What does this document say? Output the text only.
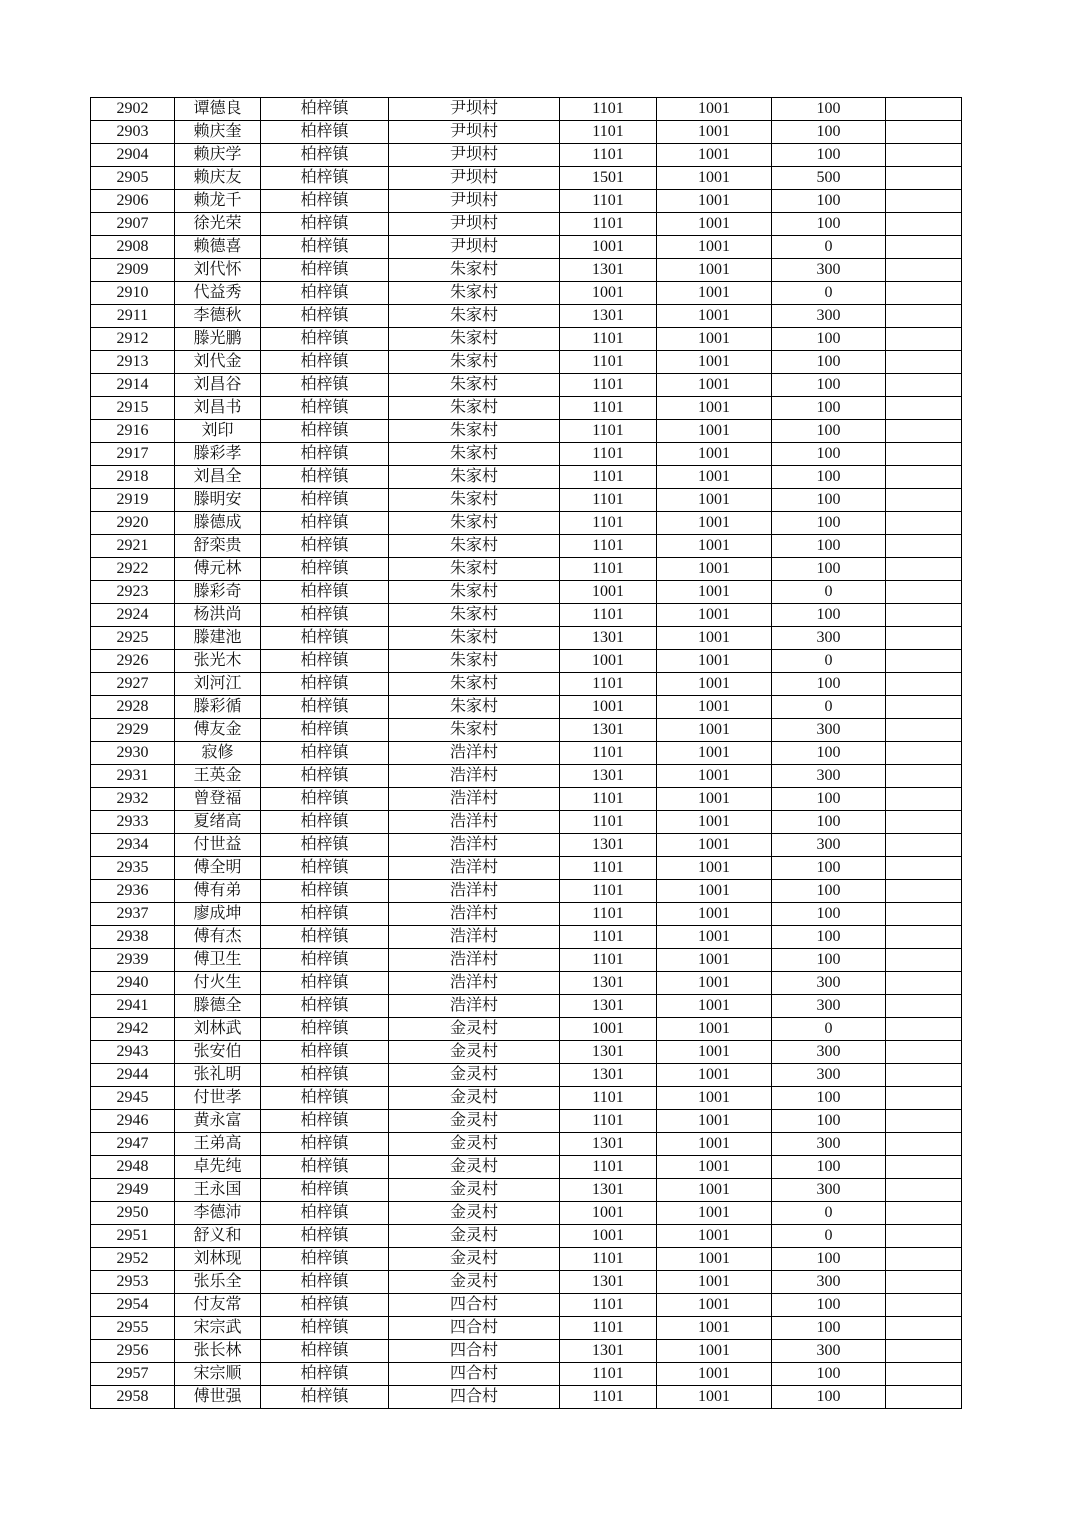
2902	谭德良	柏梓镇	尹坝村	1101	1001	100	
2903	赖庆奎	柏梓镇	尹坝村	1101	1001	100	
2904	赖庆学	柏梓镇	尹坝村	1101	1001	100	
2905	赖庆友	柏梓镇	尹坝村	1501	1001	500	
2906	赖龙千	柏梓镇	尹坝村	1101	1001	100	
2907	徐光荣	柏梓镇	尹坝村	1101	1001	100	
2908	赖德喜	柏梓镇	尹坝村	1001	1001	0	
2909	刘代怀	柏梓镇	朱家村	1301	1001	300	
2910	代益秀	柏梓镇	朱家村	1001	1001	0	
2911	李德秋	柏梓镇	朱家村	1301	1001	300	
2912	滕光鹏	柏梓镇	朱家村	1101	1001	100	
2913	刘代金	柏梓镇	朱家村	1101	1001	100	
2914	刘昌谷	柏梓镇	朱家村	1101	1001	100	
2915	刘昌书	柏梓镇	朱家村	1101	1001	100	
2916	刘印	柏梓镇	朱家村	1101	1001	100	
2917	滕彩孝	柏梓镇	朱家村	1101	1001	100	
2918	刘昌全	柏梓镇	朱家村	1101	1001	100	
2919	滕明安	柏梓镇	朱家村	1101	1001	100	
2920	滕德成	柏梓镇	朱家村	1101	1001	100	
2921	舒栾贵	柏梓镇	朱家村	1101	1001	100	
2922	傅元林	柏梓镇	朱家村	1101	1001	100	
2923	滕彩奇	柏梓镇	朱家村	1001	1001	0	
2924	杨洪尚	柏梓镇	朱家村	1101	1001	100	
2925	滕建池	柏梓镇	朱家村	1301	1001	300	
2926	张光木	柏梓镇	朱家村	1001	1001	0	
2927	刘河江	柏梓镇	朱家村	1101	1001	100	
2928	滕彩循	柏梓镇	朱家村	1001	1001	0	
2929	傅友金	柏梓镇	朱家村	1301	1001	300	
2930	寂修	柏梓镇	浩洋村	1101	1001	100	
2931	王英金	柏梓镇	浩洋村	1301	1001	300	
2932	曾登福	柏梓镇	浩洋村	1101	1001	100	
2933	夏绪高	柏梓镇	浩洋村	1101	1001	100	
2934	付世益	柏梓镇	浩洋村	1301	1001	300	
2935	傅全明	柏梓镇	浩洋村	1101	1001	100	
2936	傅有弟	柏梓镇	浩洋村	1101	1001	100	
2937	廖成坤	柏梓镇	浩洋村	1101	1001	100	
2938	傅有杰	柏梓镇	浩洋村	1101	1001	100	
2939	傅卫生	柏梓镇	浩洋村	1101	1001	100	
2940	付火生	柏梓镇	浩洋村	1301	1001	300	
2941	滕德全	柏梓镇	浩洋村	1301	1001	300	
2942	刘林武	柏梓镇	金灵村	1001	1001	0	
2943	张安伯	柏梓镇	金灵村	1301	1001	300	
2944	张礼明	柏梓镇	金灵村	1301	1001	300	
2945	付世孝	柏梓镇	金灵村	1101	1001	100	
2946	黄永富	柏梓镇	金灵村	1101	1001	100	
2947	王弟高	柏梓镇	金灵村	1301	1001	300	
2948	卓先纯	柏梓镇	金灵村	1101	1001	100	
2949	王永国	柏梓镇	金灵村	1301	1001	300	
2950	李德沛	柏梓镇	金灵村	1001	1001	0	
2951	舒义和	柏梓镇	金灵村	1001	1001	0	
2952	刘林现	柏梓镇	金灵村	1101	1001	100	
2953	张乐全	柏梓镇	金灵村	1301	1001	300	
2954	付友常	柏梓镇	四合村	1101	1001	100	
2955	宋宗武	柏梓镇	四合村	1101	1001	100	
2956	张长林	柏梓镇	四合村	1301	1001	300	
2957	宋宗顺	柏梓镇	四合村	1101	1001	100	
2958	傅世强	柏梓镇	四合村	1101	1001	100	
